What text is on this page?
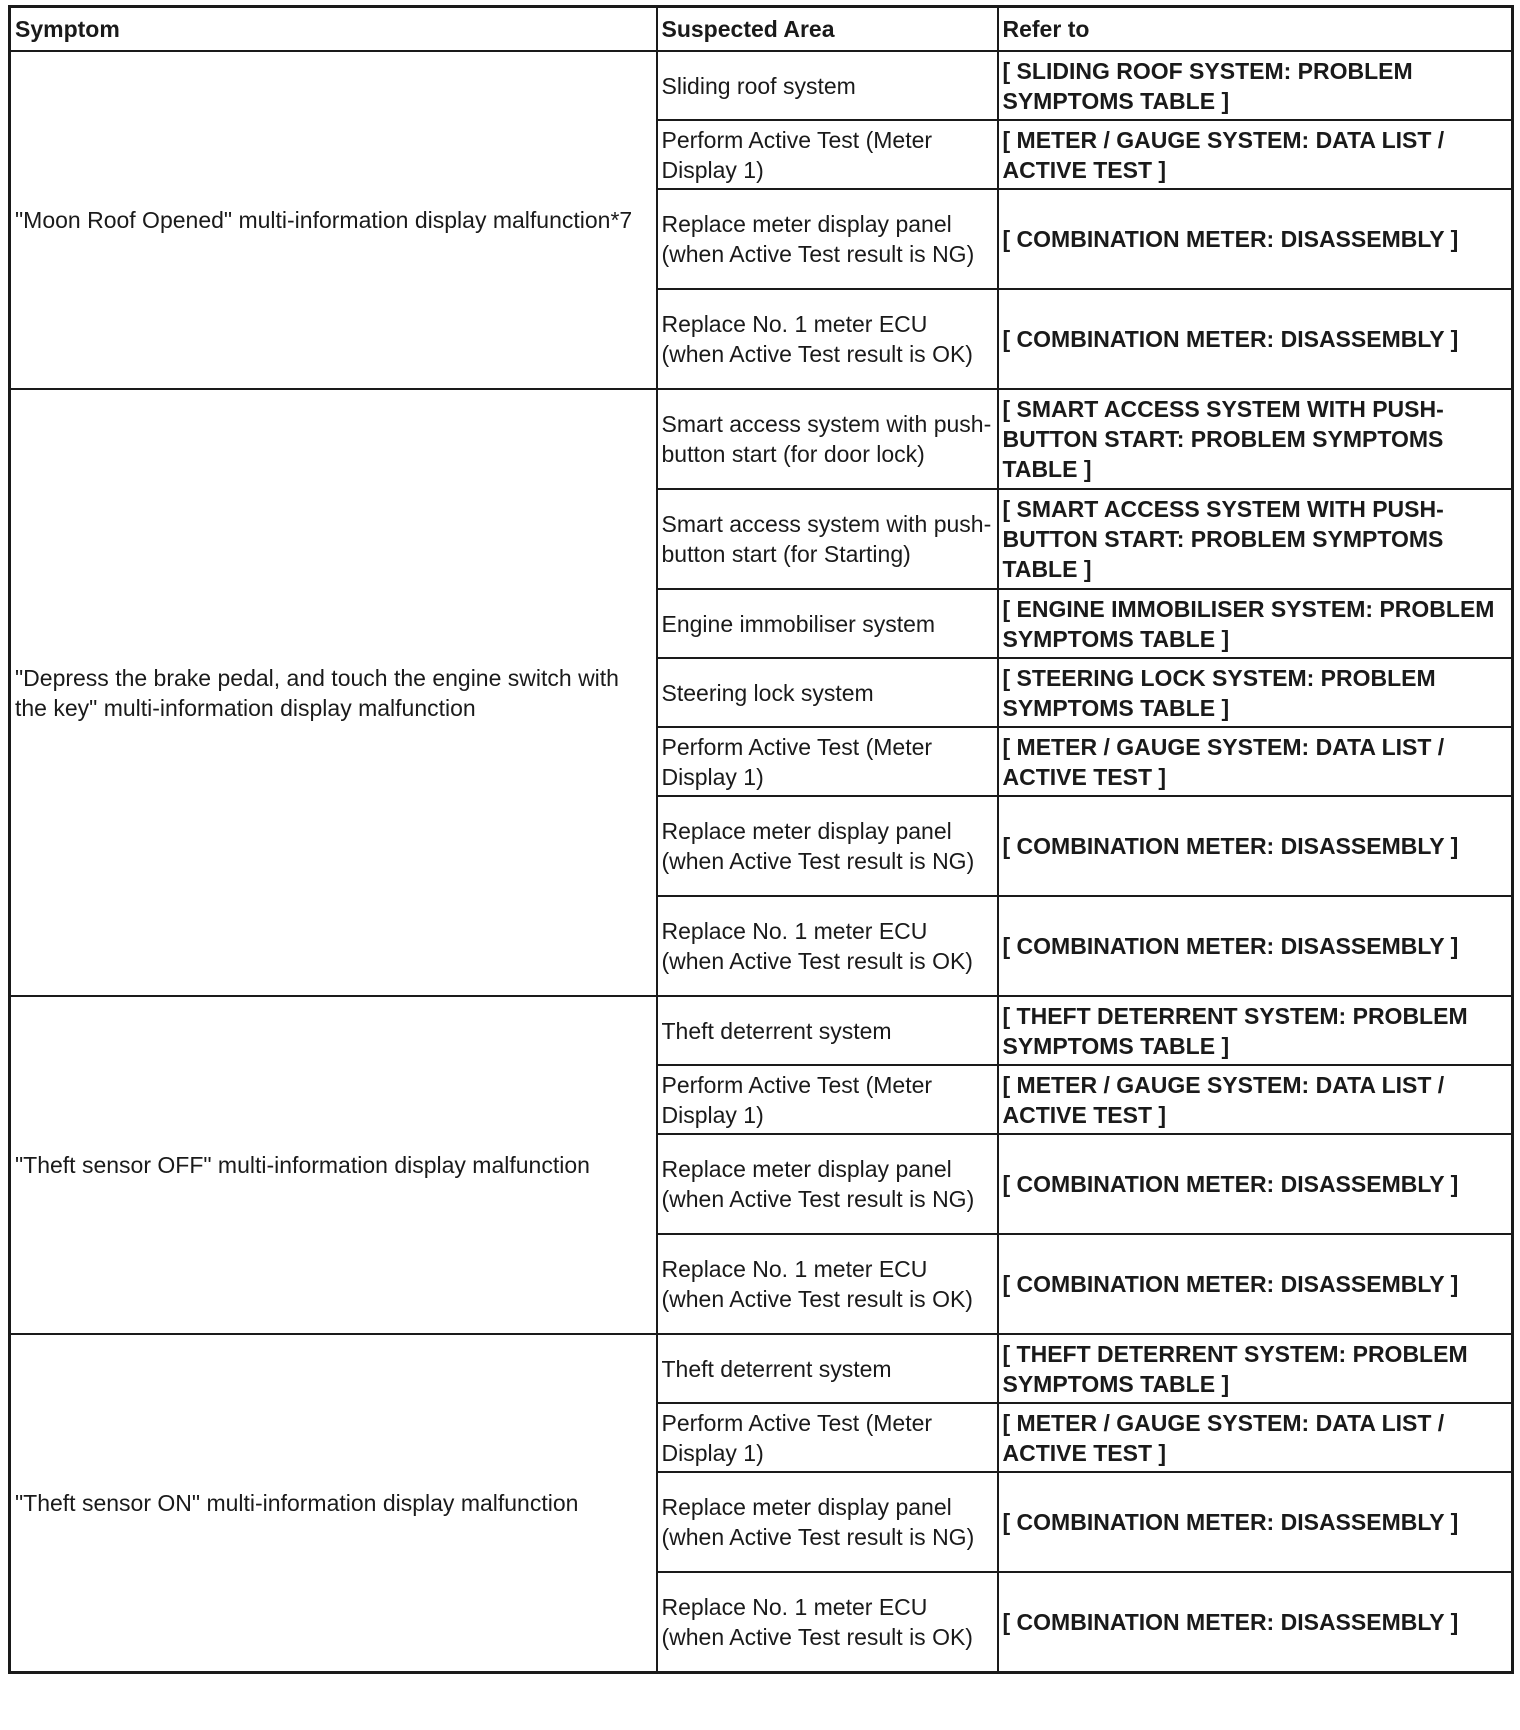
Symptom	Suspected Area	Refer to
"Moon Roof Opened" multi-information display malfunction*7	Sliding roof system	[ SLIDING ROOF SYSTEM: PROBLEM SYMPTOMS TABLE ]
	Perform Active Test (Meter Display 1)	[ METER / GAUGE SYSTEM: DATA LIST / ACTIVE TEST ]
	Replace meter display panel (when Active Test result is NG)	[ COMBINATION METER: DISASSEMBLY ]
	Replace No. 1 meter ECU (when Active Test result is OK)	[ COMBINATION METER: DISASSEMBLY ]
"Depress the brake pedal, and touch the engine switch with the key" multi-information display malfunction	Smart access system with push-button start (for door lock)	[ SMART ACCESS SYSTEM WITH PUSH-BUTTON START: PROBLEM SYMPTOMS TABLE ]
	Smart access system with push-button start (for Starting)	[ SMART ACCESS SYSTEM WITH PUSH-BUTTON START: PROBLEM SYMPTOMS TABLE ]
	Engine immobiliser system	[ ENGINE IMMOBILISER SYSTEM: PROBLEM SYMPTOMS TABLE ]
	Steering lock system	[ STEERING LOCK SYSTEM: PROBLEM SYMPTOMS TABLE ]
	Perform Active Test (Meter Display 1)	[ METER / GAUGE SYSTEM: DATA LIST / ACTIVE TEST ]
	Replace meter display panel (when Active Test result is NG)	[ COMBINATION METER: DISASSEMBLY ]
	Replace No. 1 meter ECU (when Active Test result is OK)	[ COMBINATION METER: DISASSEMBLY ]
"Theft sensor OFF" multi-information display malfunction	Theft deterrent system	[ THEFT DETERRENT SYSTEM: PROBLEM SYMPTOMS TABLE ]
	Perform Active Test (Meter Display 1)	[ METER / GAUGE SYSTEM: DATA LIST / ACTIVE TEST ]
	Replace meter display panel (when Active Test result is NG)	[ COMBINATION METER: DISASSEMBLY ]
	Replace No. 1 meter ECU (when Active Test result is OK)	[ COMBINATION METER: DISASSEMBLY ]
"Theft sensor ON" multi-information display malfunction	Theft deterrent system	[ THEFT DETERRENT SYSTEM: PROBLEM SYMPTOMS TABLE ]
	Perform Active Test (Meter Display 1)	[ METER / GAUGE SYSTEM: DATA LIST / ACTIVE TEST ]
	Replace meter display panel (when Active Test result is NG)	[ COMBINATION METER: DISASSEMBLY ]
	Replace No. 1 meter ECU (when Active Test result is OK)	[ COMBINATION METER: DISASSEMBLY ]
